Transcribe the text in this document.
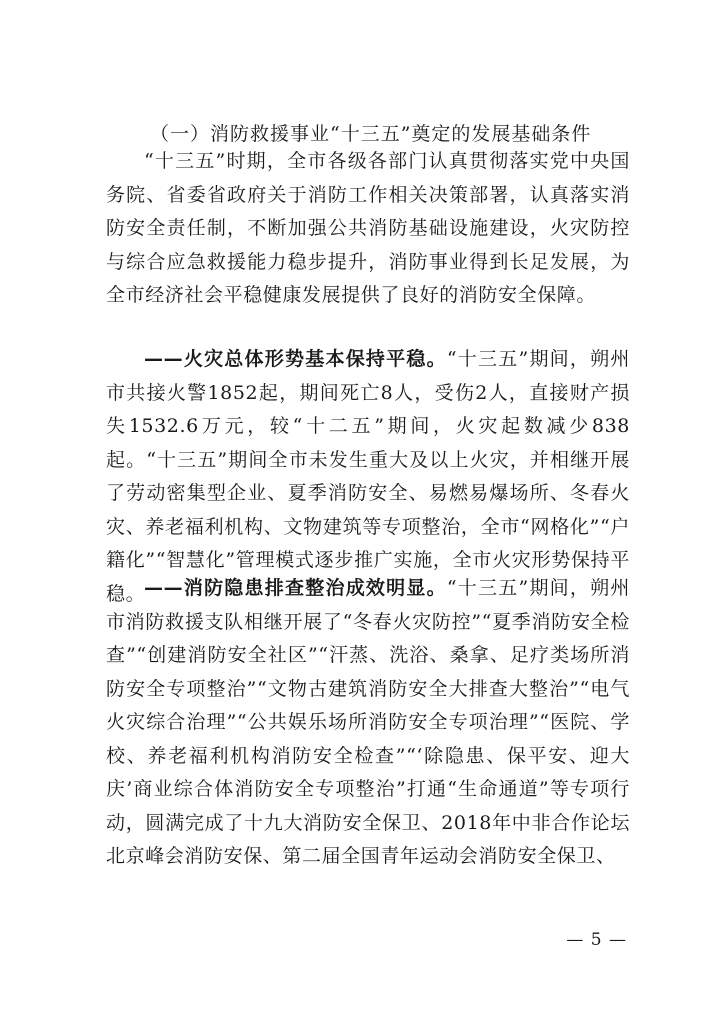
（一）消防救援事业“十三五”奠定的发展基础条件

“十三五”时期，全市各级各部门认真贯彻落实党中央国务院、省委省政府关于消防工作相关决策部署，认真落实消防安全责任制，不断加强公共消防基础设施建设，火灾防控与综合应急救援能力稳步提升，消防事业得到长足发展，为全市经济社会平稳健康发展提供了良好的消防安全保障。

——火灾总体形势基本保持平稳。“十三五”期间，朔州市共接火警1852起，期间死亡8人，受伤2人，直接财产损失1532.6万元，较“十二五”期间，火灾起数减少838起。“十三五”期间全市未发生重大及以上火灾，并相继开展了劳动密集型企业、夏季消防安全、易燃易爆场所、冬春火灾、养老福利机构、文物建筑等专项整治，全市“网格化”“户籍化”“智慧化”管理模式逐步推广实施，全市火灾形势保持平稳。

——消防隐患排查整治成效明显。“十三五”期间，朔州市消防救援支队相继开展了“冬春火灾防控”“夏季消防安全检查”“创建消防安全社区”“汗蒸、洗浴、桑拿、足疗类场所消防安全专项整治”“文物古建筑消防安全大排查大整治”“电气火灾综合治理”“公共娱乐场所消防安全专项治理”“医院、学校、养老福利机构消防安全检查”“‘除隐患、保平安、迎大庆’商业综合体消防安全专项整治”打通“生命通道”等专项行动，圆满完成了十九大消防安全保卫、2018年中非合作论坛北京峰会消防安保、第二届全国青年运动会消防安全保卫、

— 5 —
